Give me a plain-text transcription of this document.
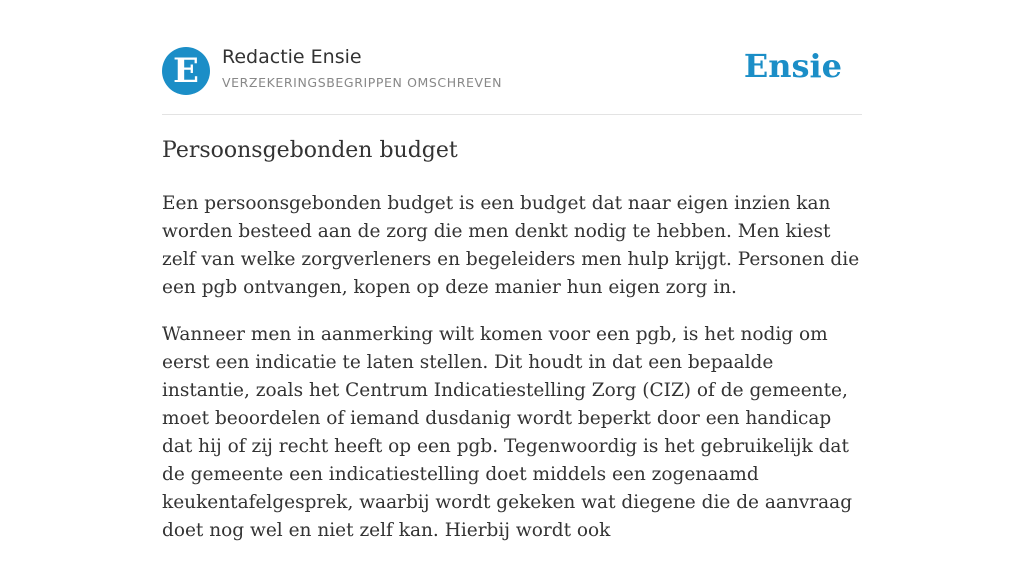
E	Redactie Ensie
VERZEKERINGSBEGRIPPEN OMSCHREVEN	Ensie
Persoonsgebonden budget

Een persoonsgebonden budget is een budget dat naar eigen inzien kan worden besteed aan de zorg die men denkt nodig te hebben. Men kiest zelf van welke zorgverleners en begeleiders men hulp krijgt. Personen die een pgb ontvangen, kopen op deze manier hun eigen zorg in.

Wanneer men in aanmerking wilt komen voor een pgb, is het nodig om eerst een indicatie te laten stellen. Dit houdt in dat een bepaalde instantie, zoals het Centrum Indicatiestelling Zorg (CIZ) of de gemeente, moet beoordelen of iemand dusdanig wordt beperkt door een handicap dat hij of zij recht heeft op een pgb. Tegenwoordig is het gebruikelijk dat de gemeente een indicatiestelling doet middels een zogenaamd keukentafelgesprek, waarbij wordt gekeken wat diegene die de aanvraag doet nog wel en niet zelf kan. Hierbij wordt ook
